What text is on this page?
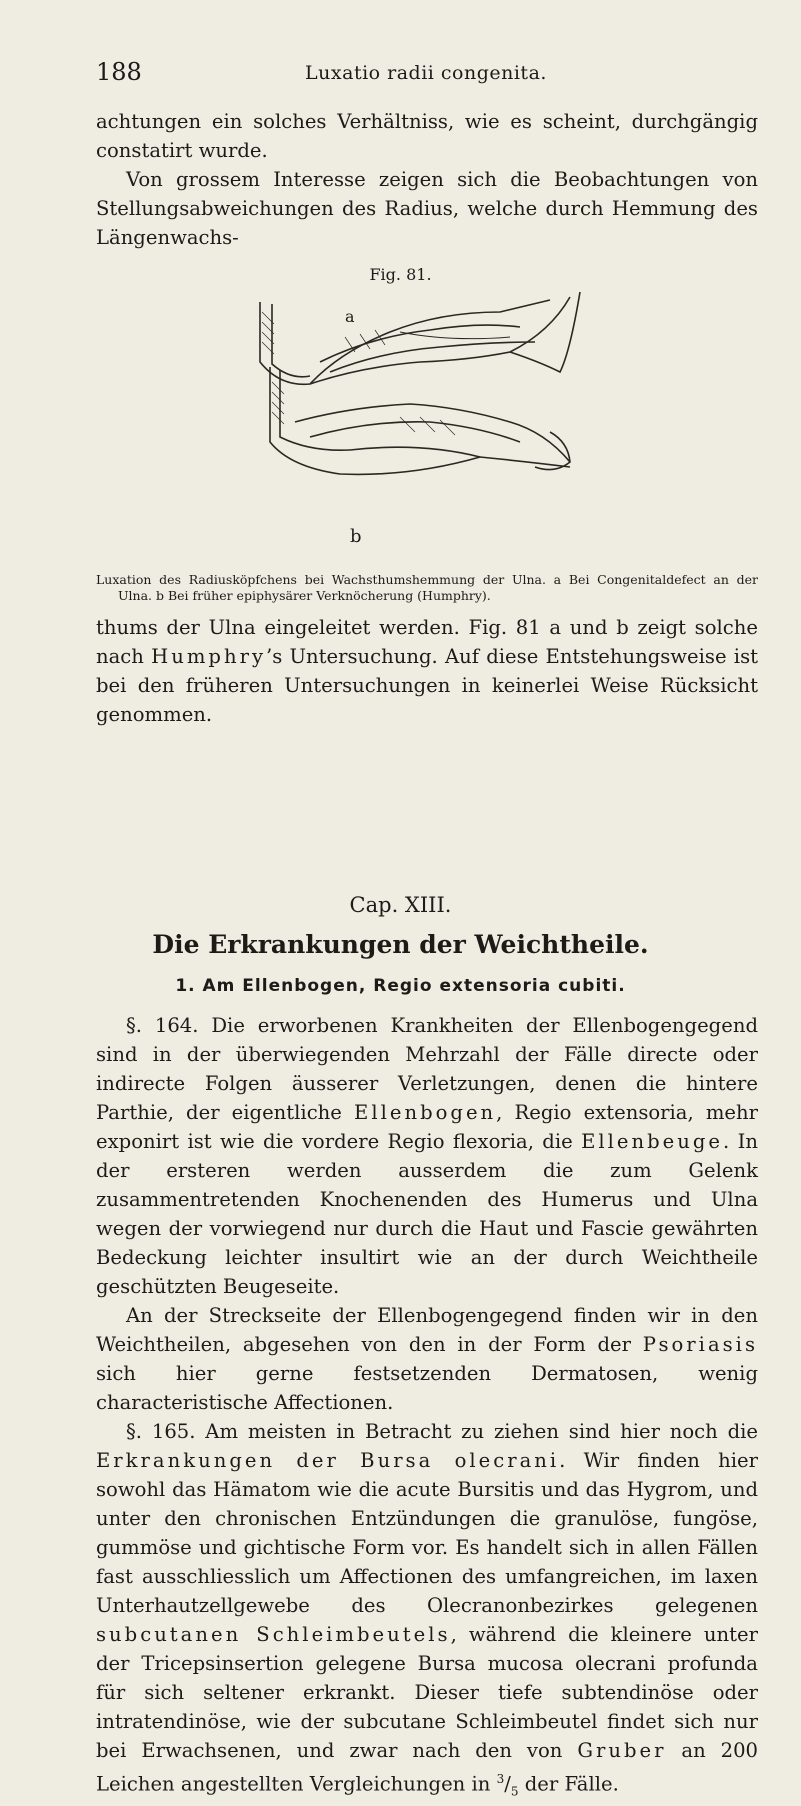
188	Luxatio radii congenita.

achtungen ein solches Verhältniss, wie es scheint, durchgängig constatirt wurde.

Von grossem Interesse zeigen sich die Beobachtungen von Stellungsabweichungen des Radius, welche durch Hemmung des Längenwachs-

Fig. 81.
a
b
Luxation des Radiusköpfchens bei Wachsthumshemmung der Ulna. a Bei Congenitaldefect an der
Ulna. b Bei früher epiphysärer Verknöcherung (Humphry).

thums der Ulna eingeleitet werden. Fig. 81 a und b zeigt solche nach Humphry’s Untersuchung. Auf diese Entstehungsweise ist bei den früheren Untersuchungen in keinerlei Weise Rücksicht genommen.

Cap. XIII.
Die Erkrankungen der Weichtheile.
1. Am Ellenbogen, Regio extensoria cubiti.

§. 164. Die erworbenen Krankheiten der Ellenbogengegend sind in der überwiegenden Mehrzahl der Fälle directe oder indirecte Folgen äusserer Verletzungen, denen die hintere Parthie, der eigentliche Ellenbogen, Regio extensoria, mehr exponirt ist wie die vordere Regio flexoria, die Ellenbeuge. In der ersteren werden ausserdem die zum Gelenk zusammentretenden Knochenenden des Humerus und Ulna wegen der vorwiegend nur durch die Haut und Fascie gewährten Bedeckung leichter insultirt wie an der durch Weichtheile geschützten Beugeseite.

An der Streckseite der Ellenbogengegend finden wir in den Weichtheilen, abgesehen von den in der Form der Psoriasis sich hier gerne festsetzenden Dermatosen, wenig characteristische Affectionen.

§. 165. Am meisten in Betracht zu ziehen sind hier noch die Erkrankungen der Bursa olecrani. Wir finden hier sowohl das Hämatom wie die acute Bursitis und das Hygrom, und unter den chronischen Entzündungen die granulöse, fungöse, gummöse und gichtische Form vor. Es handelt sich in allen Fällen fast ausschliesslich um Affectionen des umfangreichen, im laxen Unterhautzellgewebe des Olecranonbezirkes gelegenen subcutanen Schleimbeutels, während die kleinere unter der Tricepsinsertion gelegene Bursa mucosa olecrani profunda für sich seltener erkrankt. Dieser tiefe subtendinöse oder intratendinöse, wie der subcutane Schleimbeutel findet sich nur bei Erwachsenen, und zwar nach den von Gruber an 200 Leichen angestellten Vergleichungen in $^3/_5$ der Fälle.
